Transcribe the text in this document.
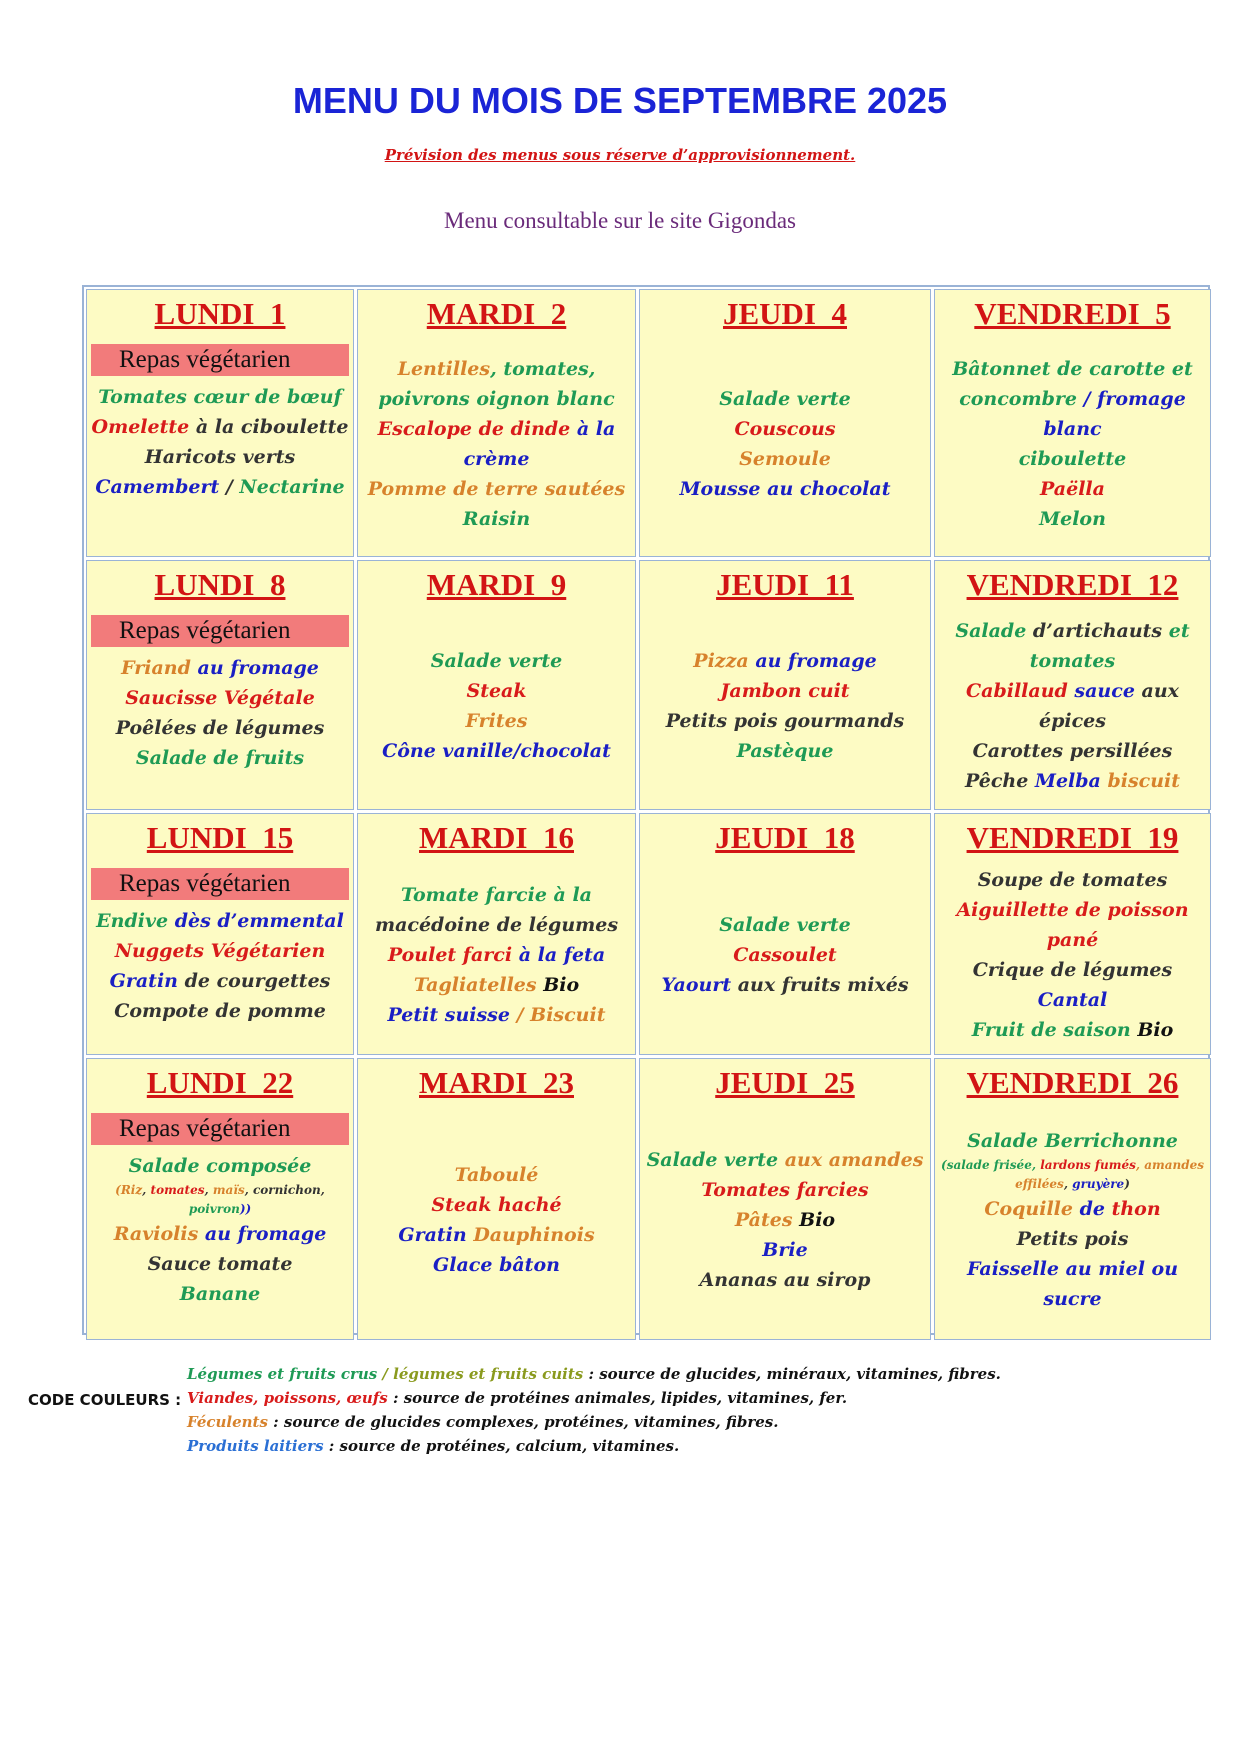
MENU DU MOIS DE SEPTEMBRE 2025
Prévision des menus sous réserve d’approvisionnement.
Menu consultable sur le site Gigondas
LUNDI  1
Repas végétarien
Tomates cœur de bœuf
Omelette à la ciboulette
Haricots verts
Camembert / Nectarine
MARDI  2
Lentilles, tomates,
poivrons oignon blanc
Escalope de dinde à la
crème
Pomme de terre sautées
Raisin
JEUDI  4
Salade verte
Couscous
Semoule
Mousse au chocolat
VENDREDI  5
Bâtonnet de carotte et
concombre / fromage blanc
ciboulette
Paëlla
Melon
LUNDI  8
Repas végétarien
Friand au fromage
Saucisse Végétale
Poêlées de légumes
Salade de fruits
MARDI  9
Salade verte
Steak
Frites
Cône vanille/chocolat
JEUDI  11
Pizza au fromage
Jambon cuit
Petits pois gourmands
Pastèque
VENDREDI  12
Salade d’artichauts et
tomates
Cabillaud sauce aux
épices
Carottes persillées
Pêche Melba biscuit
LUNDI  15
Repas végétarien
Endive dès d’emmental
Nuggets Végétarien
Gratin de courgettes
Compote de pomme
MARDI  16
Tomate farcie à la
macédoine de légumes
Poulet farci à la feta
Tagliatelles Bio
Petit suisse / Biscuit
JEUDI  18
Salade verte
Cassoulet
Yaourt aux fruits mixés
VENDREDI  19
Soupe de tomates
Aiguillette de poisson
pané
Crique de légumes
Cantal
Fruit de saison Bio
LUNDI  22
Repas végétarien
Salade composée
(Riz, tomates, maïs, cornichon,
poivron))
Raviolis au fromage
Sauce tomate
Banane
MARDI  23
Taboulé
Steak haché
Gratin Dauphinois
Glace bâton
JEUDI  25
Salade verte aux amandes
Tomates farcies
Pâtes Bio
Brie
Ananas au sirop
VENDREDI  26
Salade Berrichonne
(salade frisée, lardons fumés, amandes
effilées, gruyère)
Coquille de thon
Petits pois
Faisselle au miel ou sucre
CODE COULEURS :
Légumes et fruits crus / légumes et fruits cuits : source de glucides, minéraux, vitamines, fibres.
Viandes, poissons, œufs : source de protéines animales, lipides, vitamines, fer.
Féculents : source de glucides complexes, protéines, vitamines, fibres.
Produits laitiers : source de protéines, calcium, vitamines.
